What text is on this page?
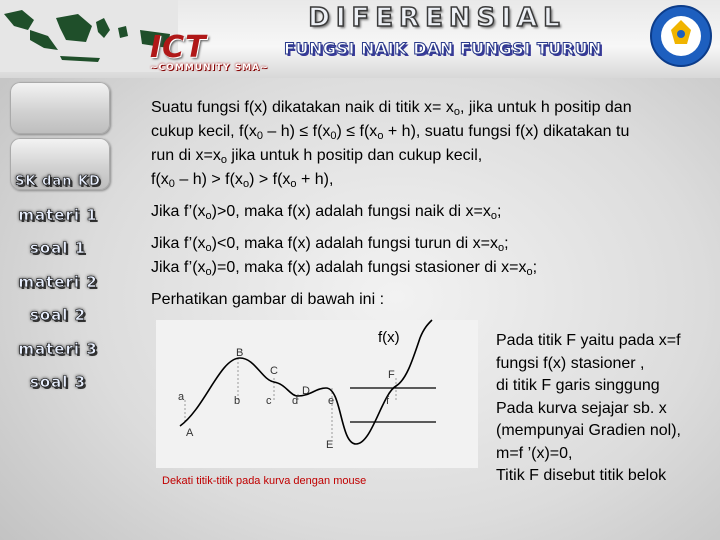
ICT
~COMMUNITY SMA~
DIFERENSIAL
FUNGSI NAIK DAN FUNGSI TURUN
SK dan KD
materi 1
soal 1
materi 2
soal 2
materi 3
soal 3
Suatu fungsi f(x) dikatakan naik di titik $x= x_o$, jika untuk h positip dan
cukup kecil, $f(x_0 - h) \le f(x_0) \le f(x_o + h)$, suatu fungsi f(x) dikatakan tu
run di $x=x_o$ jika untuk h positip dan cukup kecil,
$f(x_0 - h) > f(x_o) > f(x_o + h)$,
Jika $f’(x_o)>0$, maka f(x) adalah fungsi naik di $x=x_o$;
Jika $f’(x_o)<0$, maka f(x) adalah fungsi turun di $x=x_o$;
Jika $f’(x_o)=0$, maka f(x) adalah fungsi stasioner di $x=x_o$;
Perhatikan gambar di bawah ini :
B
C
D
F
a
A
b c d	e
E
f
f(x)
Dekati titik-titik pada kurva dengan mouse
Pada titik F yaitu pada x=f
fungsi f(x) stasioner ,
di titik F garis singgung
Pada kurva sejajar sb. x
(mempunyai Gradien nol),
m=f ’(x)=0,
Titik F disebut titik belok
